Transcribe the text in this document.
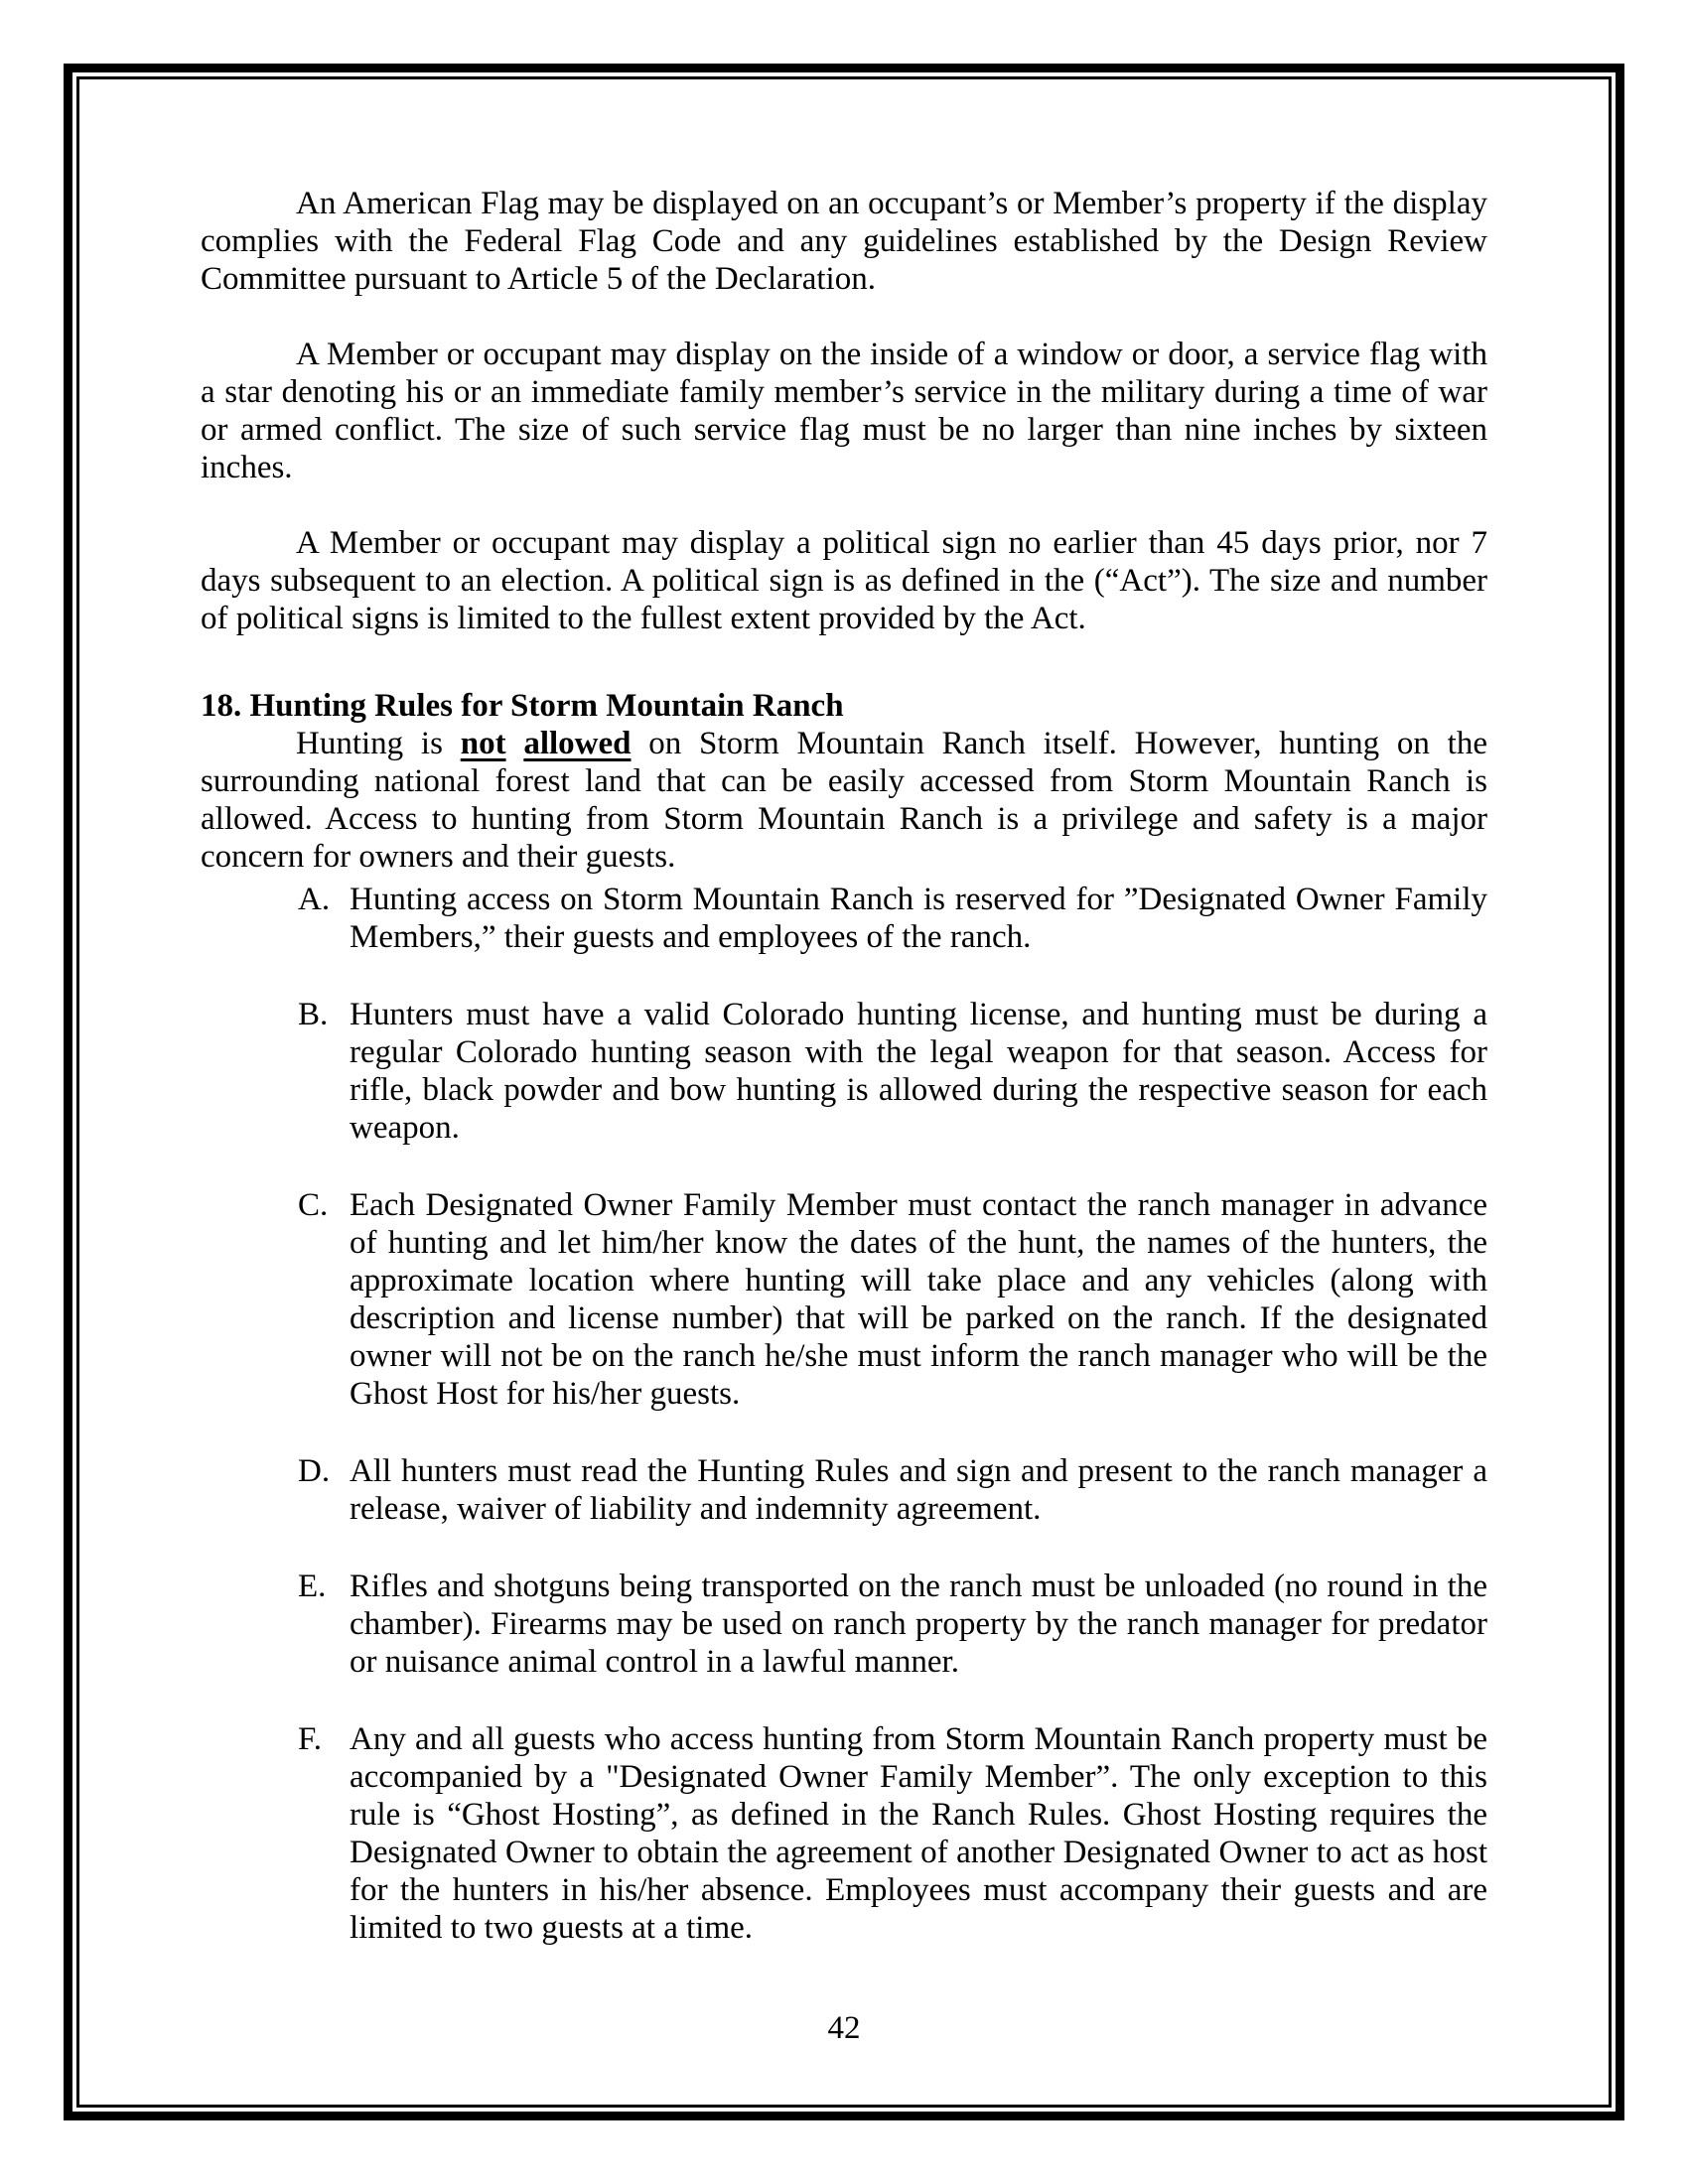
An American Flag may be displayed on an occupant’s or Member’s property if the display complies with the Federal Flag Code and any guidelines established by the Design Review Committee pursuant to Article 5 of the Declaration.

A Member or occupant may display on the inside of a window or door, a service flag with a star denoting his or an immediate family member’s service in the military during a time of war or armed conflict. The size of such service flag must be no larger than nine inches by sixteen inches.

A Member or occupant may display a political sign no earlier than 45 days prior, nor 7 days subsequent to an election. A political sign is as defined in the (“Act”). The size and number of political signs is limited to the fullest extent provided by the Act.

18. Hunting Rules for Storm Mountain Ranch

Hunting is not allowed on Storm Mountain Ranch itself. However, hunting on the surrounding national forest land that can be easily accessed from Storm Mountain Ranch is allowed. Access to hunting from Storm Mountain Ranch is a privilege and safety is a major concern for owners and their guests.

A. Hunting access on Storm Mountain Ranch is reserved for ”Designated Owner Family Members,” their guests and employees of the ranch.
B. Hunters must have a valid Colorado hunting license, and hunting must be during a regular Colorado hunting season with the legal weapon for that season. Access for rifle, black powder and bow hunting is allowed during the respective season for each weapon.
C. Each Designated Owner Family Member must contact the ranch manager in advance of hunting and let him/her know the dates of the hunt, the names of the hunters, the approximate location where hunting will take place and any vehicles (along with description and license number) that will be parked on the ranch. If the designated owner will not be on the ranch he/she must inform the ranch manager who will be the Ghost Host for his/her guests.
D. All hunters must read the Hunting Rules and sign and present to the ranch manager a release, waiver of liability and indemnity agreement.
E. Rifles and shotguns being transported on the ranch must be unloaded (no round in the chamber). Firearms may be used on ranch property by the ranch manager for predator or nuisance animal control in a lawful manner.
F. Any and all guests who access hunting from Storm Mountain Ranch property must be accompanied by a "Designated Owner Family Member”. The only exception to this rule is “Ghost Hosting”, as defined in the Ranch Rules. Ghost Hosting requires the Designated Owner to obtain the agreement of another Designated Owner to act as host for the hunters in his/her absence. Employees must accompany their guests and are limited to two guests at a time.
42
